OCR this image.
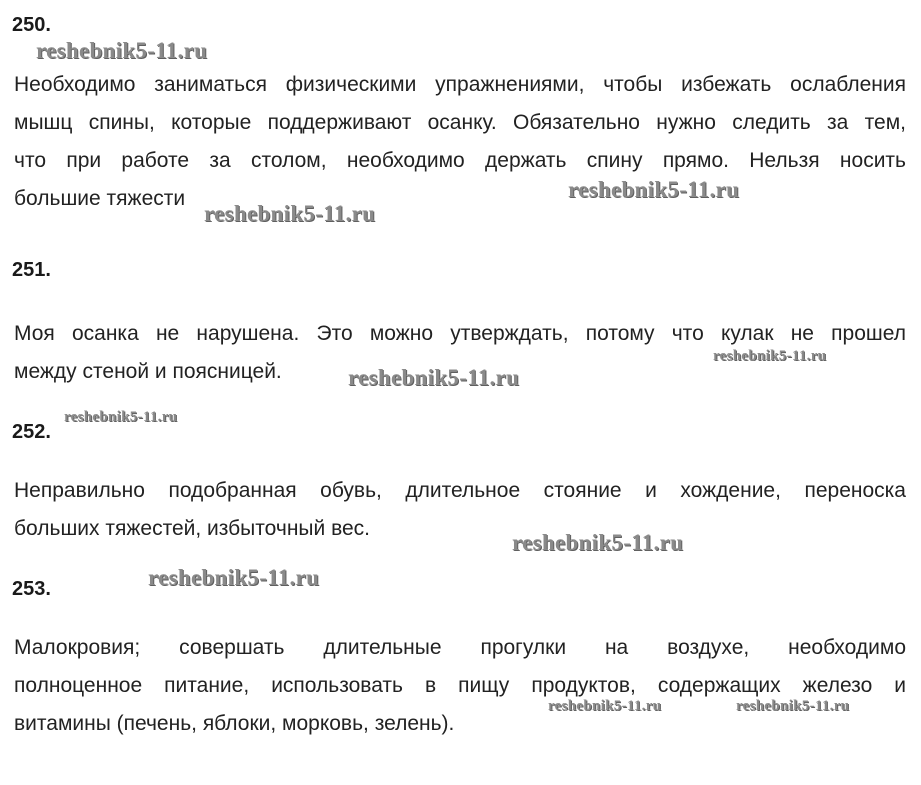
250.
Необходимо заниматься физическими упражнениями, чтобы избежать ослабления
мышц спины, которые поддерживают осанку. Обязательно нужно следить за тем,
что при работе за столом, необходимо держать спину прямо. Нельзя носить
большие тяжести
251.
Моя осанка не нарушена. Это можно утверждать, потому что кулак не прошел
между стеной и поясницей.
252.
Неправильно подобранная обувь, длительное стояние и хождение, переноска
больших тяжестей, избыточный вес.
253.
Малокровия; совершать длительные прогулки на воздухе, необходимо
полноценное питание, использовать в пищу продуктов, содержащих железо и
витамины (печень, яблоки, морковь, зелень).
reshebnik5-11.ru
reshebnik5-11.ru
reshebnik5-11.ru
reshebnik5-11.ru
reshebnik5-11.ru
reshebnik5-11.ru
reshebnik5-11.ru
reshebnik5-11.ru
reshebnik5-11.ru	reshebnik5-11.ru
